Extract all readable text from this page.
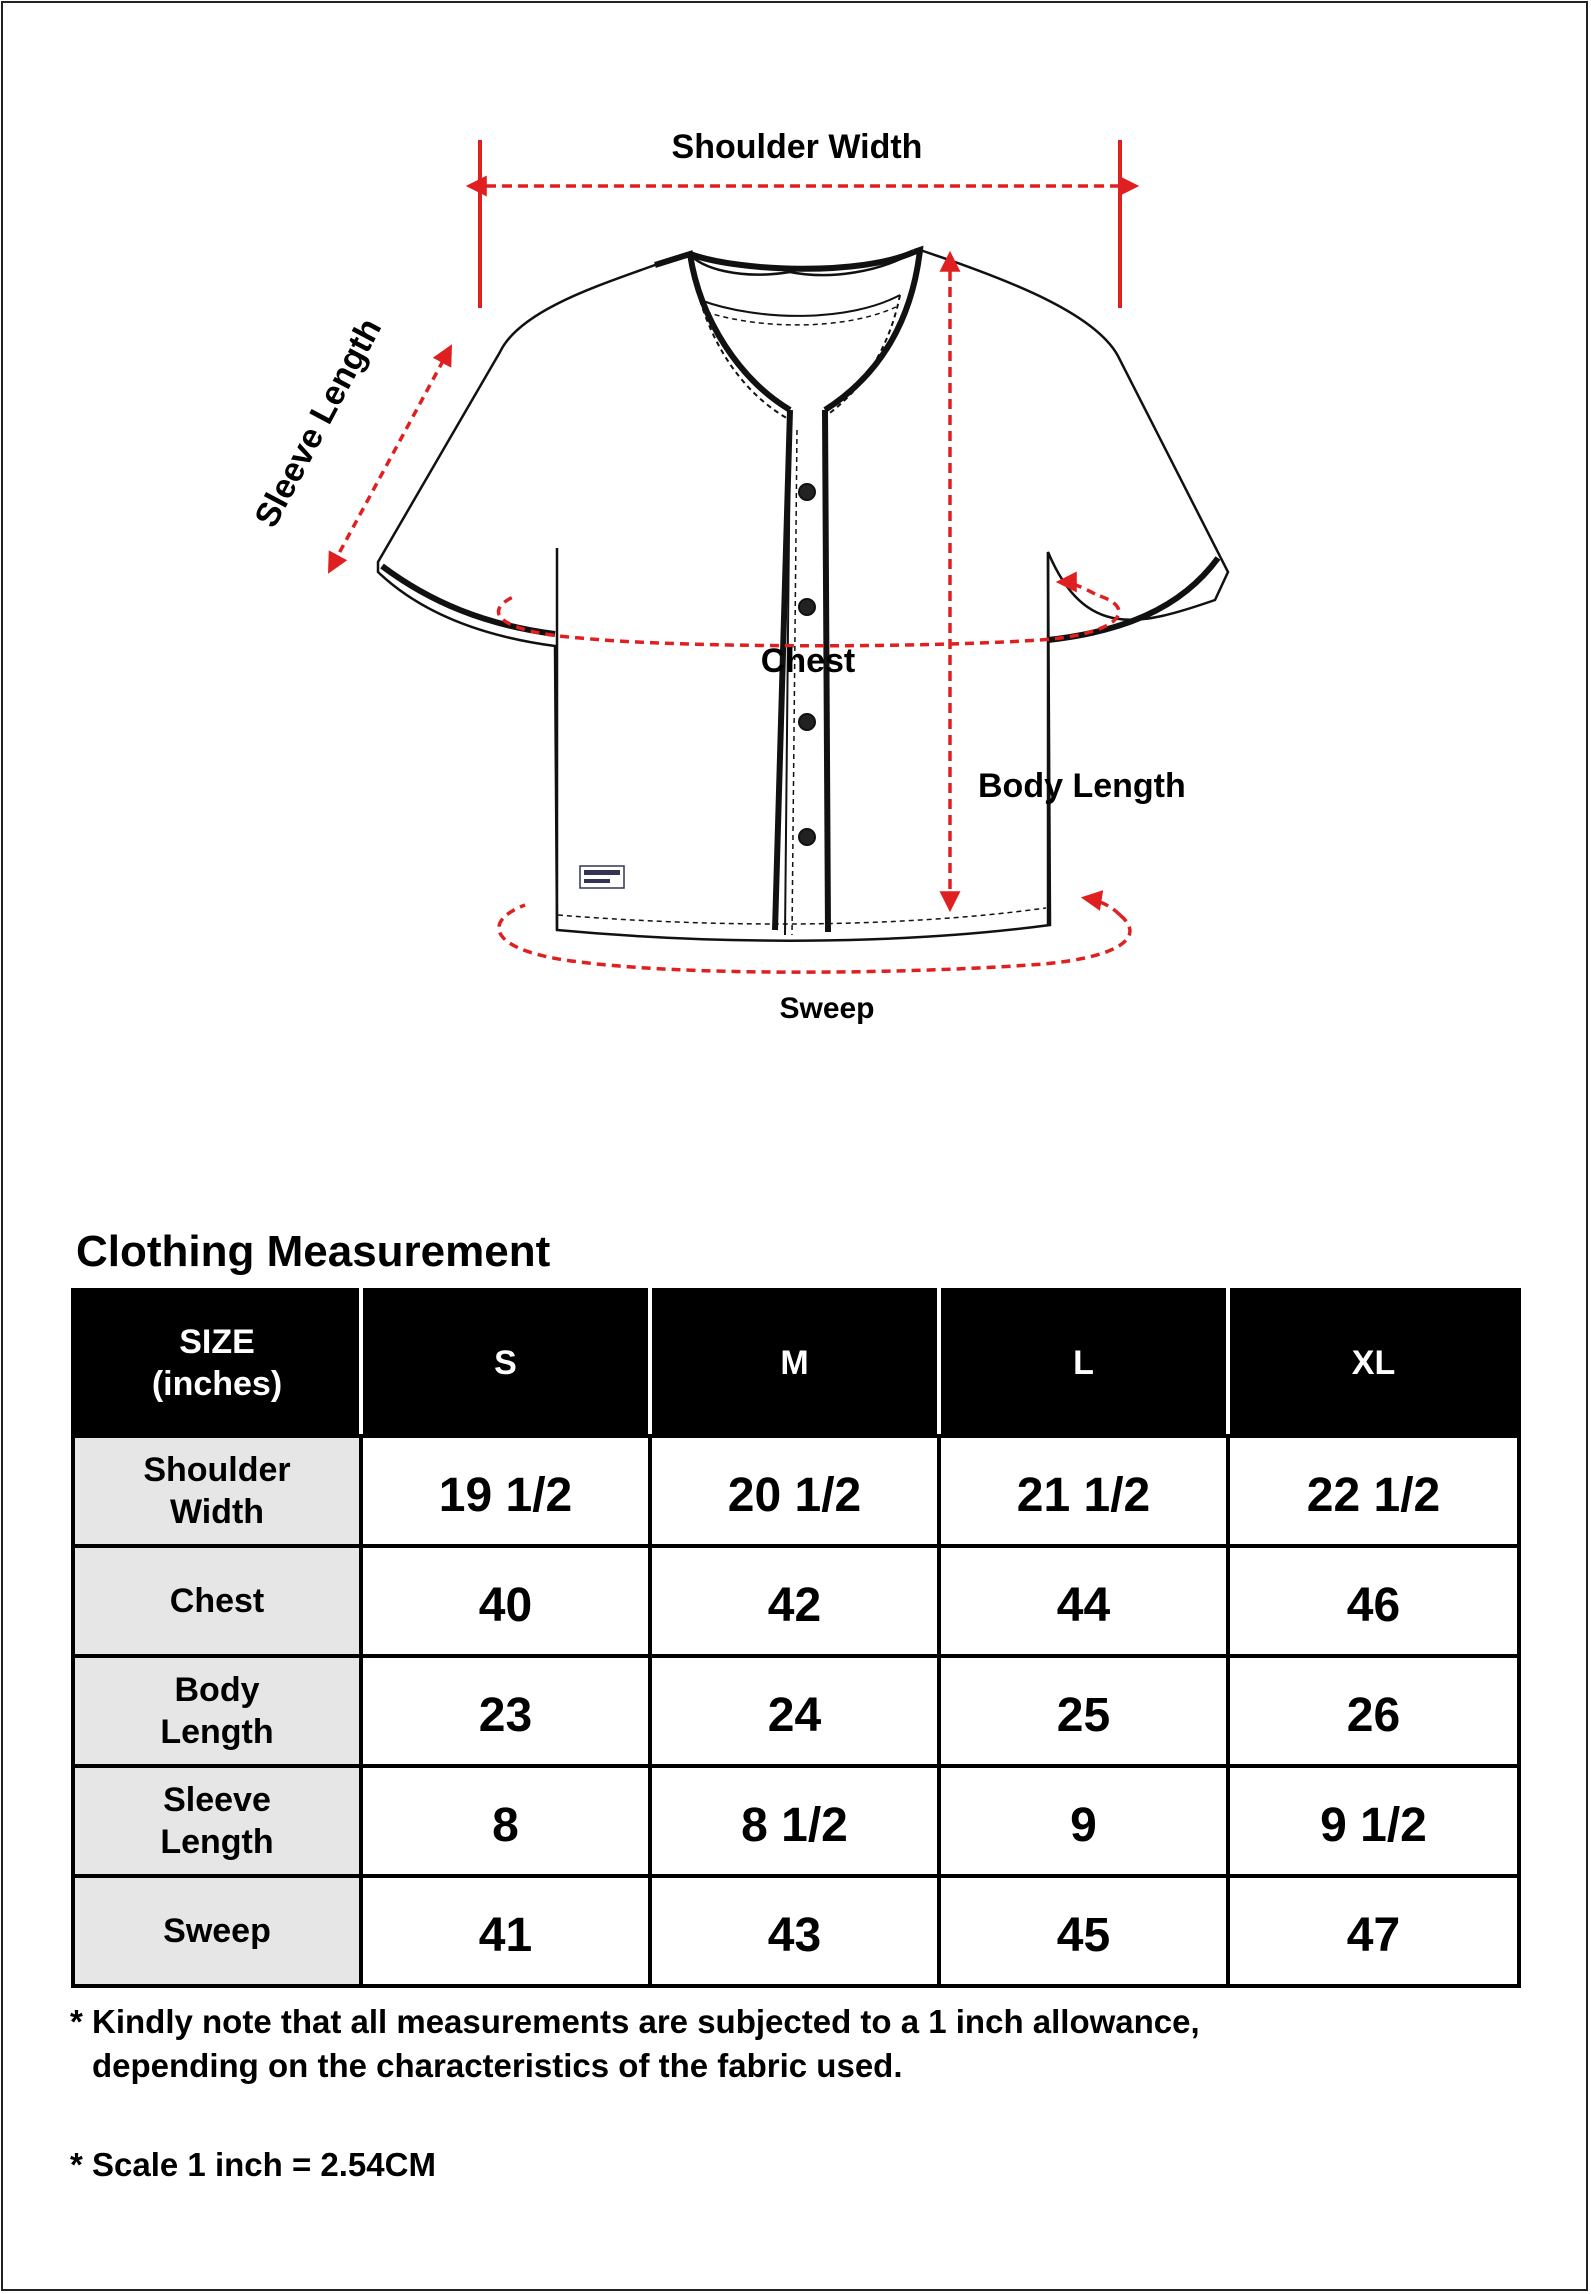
Shoulder Width
Sleeve Length
Chest
Body Length
Sweep
Clothing Measurement
SIZE
(inches)	S	M	L	XL
Shoulder
Width	19 1/2	20 1/2	21 1/2	22 1/2
Chest	40	42	44	46
Body
Length	23	24	25	26
Sleeve
Length	8	8 1/2	9	9 1/2
Sweep	41	43	45	47

* Kindly note that all measurements are subjected to a 1 inch allowance,

depending on the characteristics of the fabric used.

* Scale 1 inch = 2.54CM
